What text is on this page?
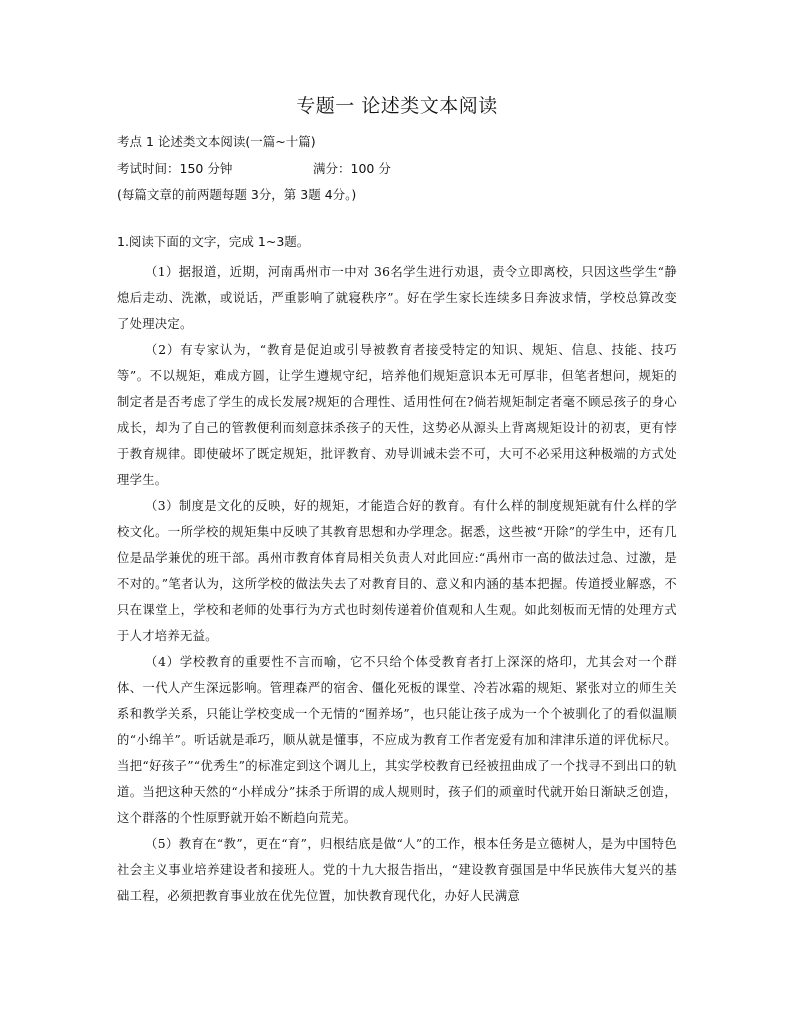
专题一 论述类文本阅读
考点 1 论述类文本阅读(一篇~十篇)
考试时间：150 分钟	满分：100 分
(每篇文章的前两题每题 3分，第 3题 4分。)
1.阅读下面的文字，完成 1~3题。

（1）据报道，近期，河南禹州市一中对 36名学生进行劝退，责令立即离校，只因这些学生“静熄后走动、洗漱，或说话，严重影响了就寝秩序”。好在学生家长连续多日奔波求情，学校总算改变了处理决定。

（2）有专家认为，“教育是促迫或引导被教育者接受特定的知识、规矩、信息、技能、技巧等”。不以规矩，难成方圆，让学生遵规守纪，培养他们规矩意识本无可厚非，但笔者想问，规矩的制定者是否考虑了学生的成长发展?规矩的合理性、适用性何在?倘若规矩制定者毫不顾忌孩子的身心成长，却为了自己的管教便利而刻意抹杀孩子的天性，这势必从源头上背离规矩设计的初衷，更有悖于教育规律。即使破坏了既定规矩，批评教育、劝导训诫未尝不可，大可不必采用这种极端的方式处理学生。

（3）制度是文化的反映，好的规矩，才能造合好的教育。有什么样的制度规矩就有什么样的学校文化。一所学校的规矩集中反映了其教育思想和办学理念。据悉，这些被“开除”的学生中，还有几位是品学兼优的班干部。禹州市教育体育局相关负责人对此回应:“禹州市一高的做法过急、过激，是不对的。”笔者认为，这所学校的做法失去了对教育目的、意义和内涵的基本把握。传道授业解惑，不只在课堂上，学校和老师的处事行为方式也时刻传递着价值观和人生观。如此刻板而无情的处理方式于人才培养无益。

（4）学校教育的重要性不言而喻，它不只给个体受教育者打上深深的烙印，尤其会对一个群体、一代人产生深远影响。管理森严的宿舍、僵化死板的课堂、冷若冰霜的规矩、紧张对立的师生关系和教学关系，只能让学校变成一个无情的“囿养场”，也只能让孩子成为一个个被驯化了的看似温顺的“小绵羊”。听话就是乖巧，顺从就是懂事，不应成为教育工作者宠爱有加和津津乐道的评优标尺。当把“好孩子”“优秀生”的标准定到这个调儿上，其实学校教育已经被扭曲成了一个找寻不到出口的轨道。当把这种天然的“小样成分”抹杀于所谓的成人规则时，孩子们的顽童时代就开始日渐缺乏创造，这个群落的个性原野就开始不断趋向荒芜。

（5）教育在“教”，更在“育”，归根结底是做“人”的工作，根本任务是立德树人，是为中国特色社会主义事业培养建设者和接班人。党的十九大报告指出，“建设教育强国是中华民族伟大复兴的基础工程，必须把教育事业放在优先位置，加快教育现代化，办好人民满意
